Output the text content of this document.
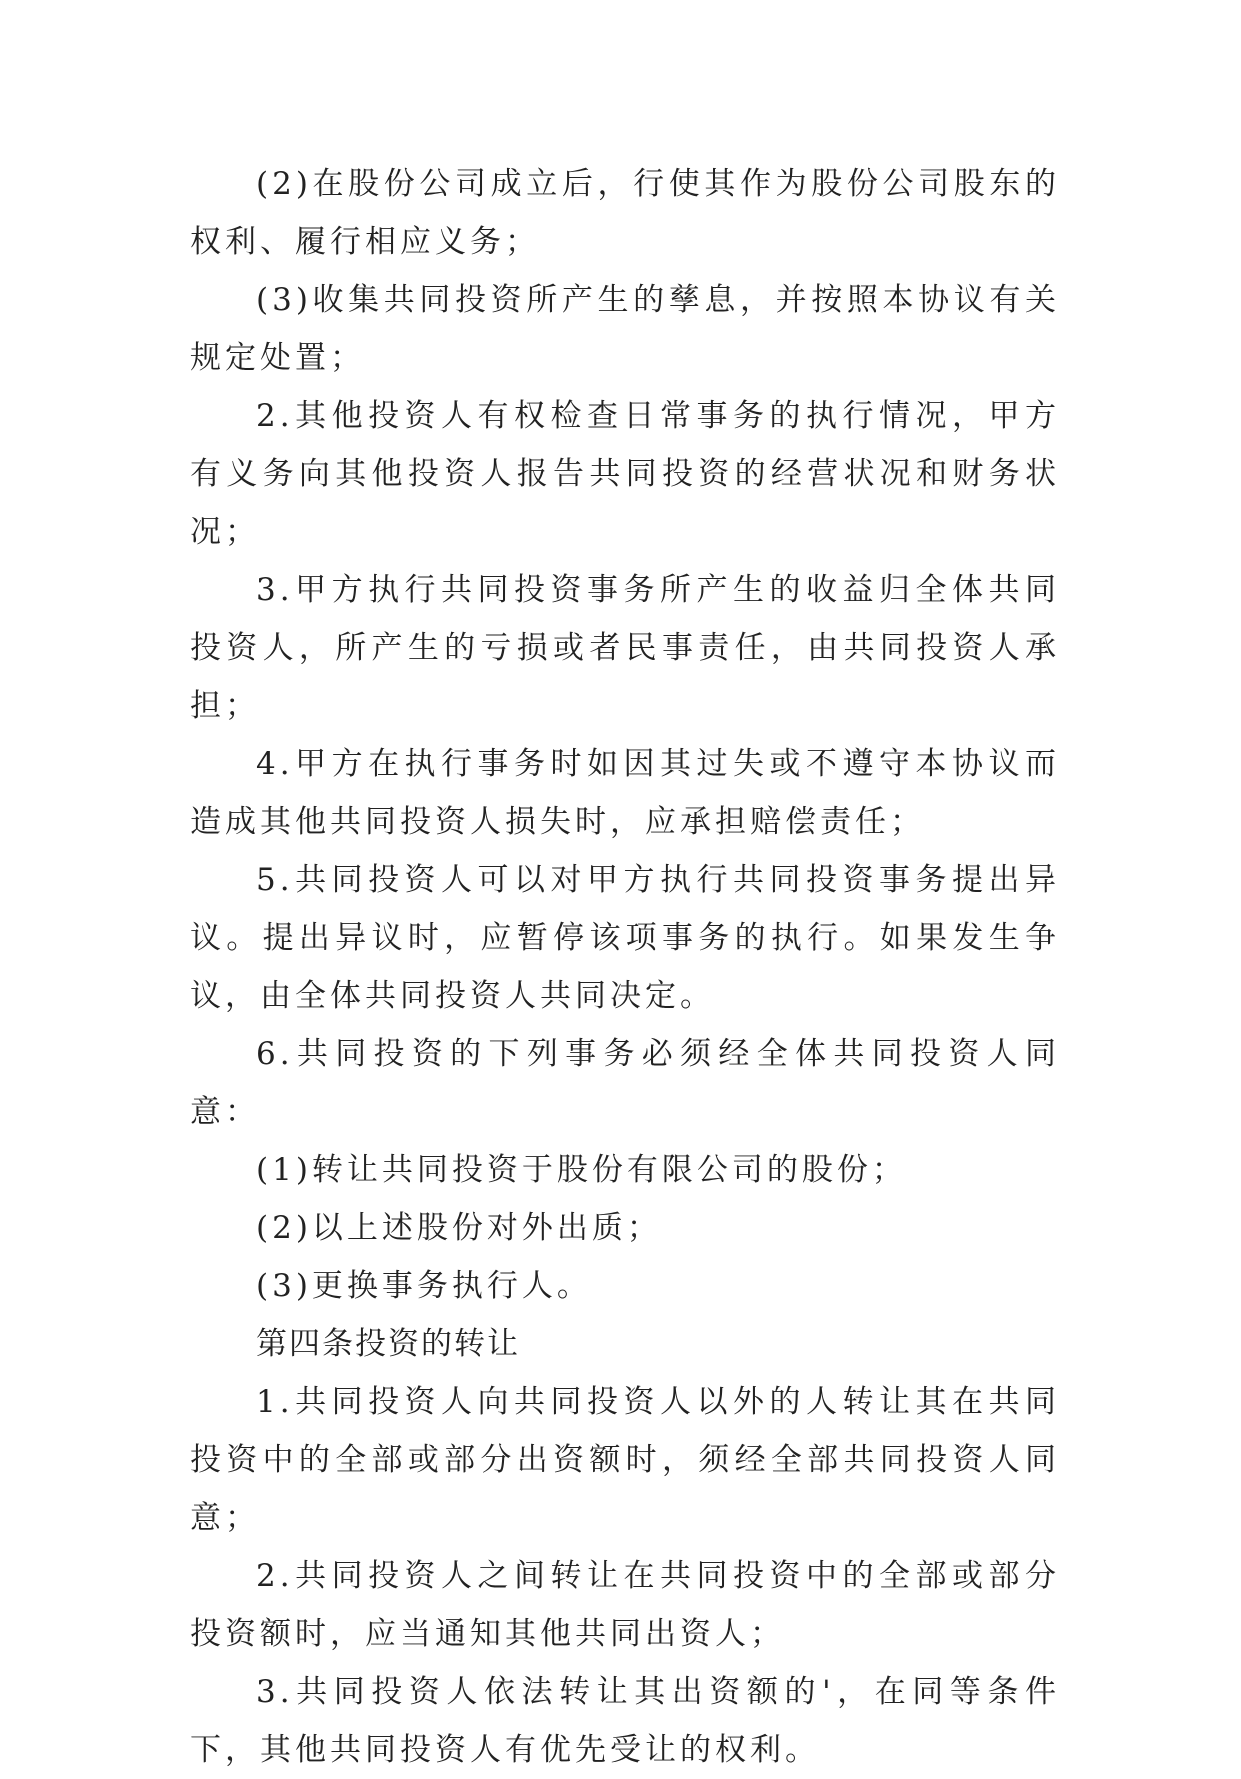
(2)在股份公司成立后，行使其作为股份公司股东的权利、履行相应义务；

(3)收集共同投资所产生的孳息，并按照本协议有关规定处置；

2.其他投资人有权检查日常事务的执行情况，甲方有义务向其他投资人报告共同投资的经营状况和财务状况；

3.甲方执行共同投资事务所产生的收益归全体共同投资人，所产生的亏损或者民事责任，由共同投资人承担；

4.甲方在执行事务时如因其过失或不遵守本协议而造成其他共同投资人损失时，应承担赔偿责任；

5.共同投资人可以对甲方执行共同投资事务提出异议。提出异议时，应暂停该项事务的执行。如果发生争议，由全体共同投资人共同决定。

6.共同投资的下列事务必须经全体共同投资人同意：

(1)转让共同投资于股份有限公司的股份；

(2)以上述股份对外出质；

(3)更换事务执行人。

第四条投资的转让

1.共同投资人向共同投资人以外的人转让其在共同投资中的全部或部分出资额时，须经全部共同投资人同意；

2.共同投资人之间转让在共同投资中的全部或部分投资额时，应当通知其他共同出资人；

3.共同投资人依法转让其出资额的'，在同等条件下，其他共同投资人有优先受让的权利。
